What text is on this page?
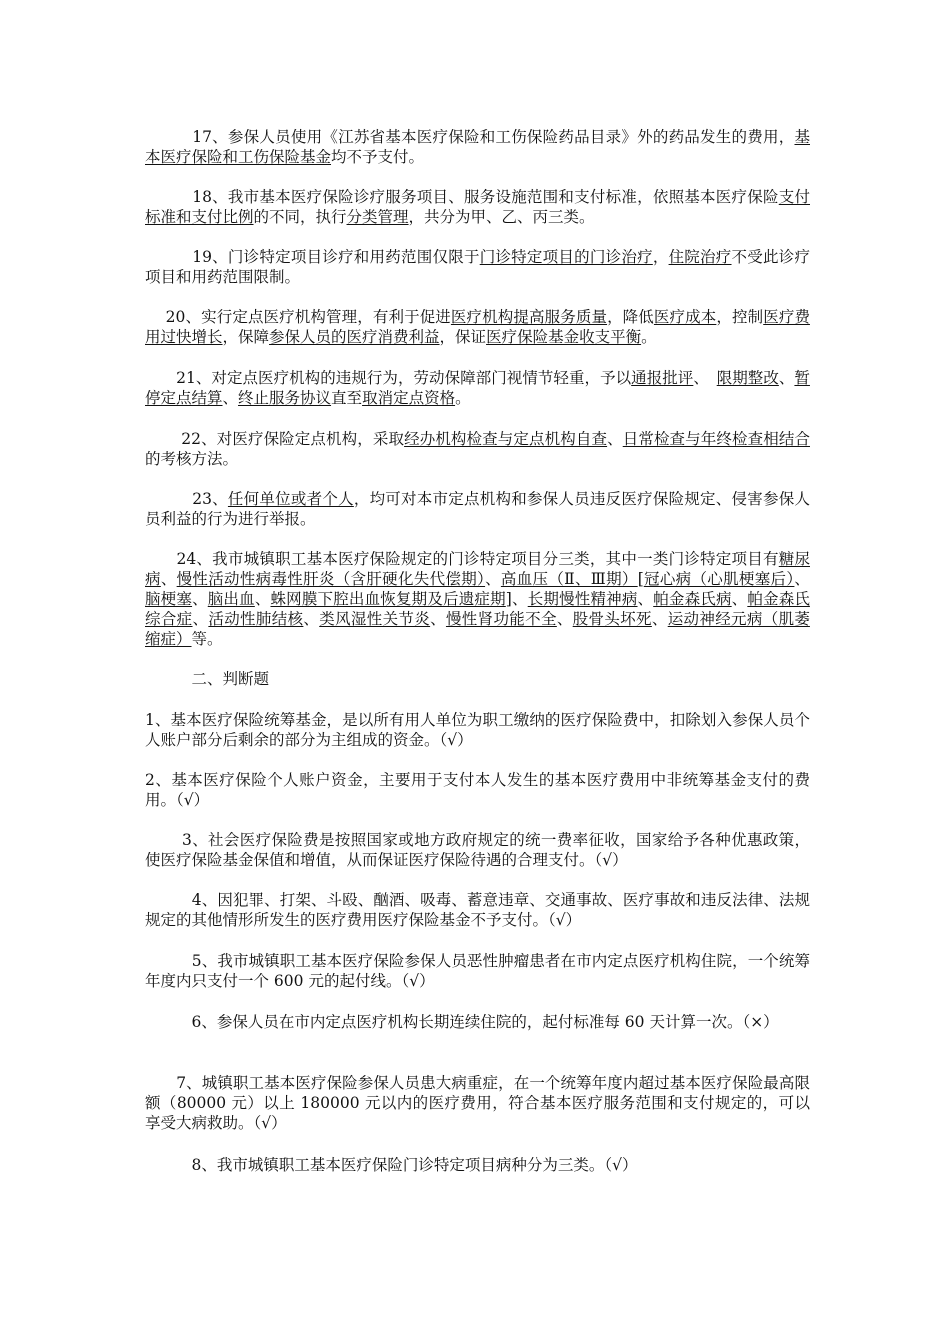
　　　17、参保人员使用《江苏省基本医疗保险和工伤保险药品目录》外的药品发生的费用，基本医疗保险和工伤保险基金均不予支付。

　　　18、我市基本医疗保险诊疗服务项目、服务设施范围和支付标准，依照基本医疗保险支付标准和支付比例的不同，执行分类管理，共分为甲、乙、丙三类。

　　　19、门诊特定项目诊疗和用药范围仅限于门诊特定项目的门诊治疗，住院治疗不受此诊疗项目和用药范围限制。

　 20、实行定点医疗机构管理，有利于促进医疗机构提高服务质量，降低医疗成本，控制医疗费用过快增长，保障参保人员的医疗消费利益，保证医疗保险基金收支平衡。

　　21、对定点医疗机构的违规行为，劳动保障部门视情节轻重，予以通报批评、　限期整改、暂停定点结算、终止服务协议直至取消定点资格。

　　 22、对医疗保险定点机构，采取经办机构检查与定点机构自查、日常检查与年终检查相结合的考核方法。

　　　23、任何单位或者个人，均可对本市定点机构和参保人员违反医疗保险规定、侵害参保人员利益的行为进行举报。

　　24、我市城镇职工基本医疗保险规定的门诊特定项目分三类，其中一类门诊特定项目有糖尿病、慢性活动性病毒性肝炎（含肝硬化失代偿期）、高血压（Ⅱ、Ⅲ期）[冠心病（心肌梗塞后）、脑梗塞、脑出血、蛛网膜下腔出血恢复期及后遗症期]、长期慢性精神病、帕金森氏病、帕金森氏综合症、活动性肺结核、类风湿性关节炎、慢性肾功能不全、股骨头坏死、运动神经元病（肌萎缩症）等。

　　　二、判断题

1、基本医疗保险统筹基金，是以所有用人单位为职工缴纳的医疗保险费中，扣除划入参保人员个人账户部分后剩余的部分为主组成的资金。（√）

2、基本医疗保险个人账户资金，主要用于支付本人发生的基本医疗费用中非统筹基金支付的费用。（√）

　　 3、社会医疗保险费是按照国家或地方政府规定的统一费率征收，国家给予各种优惠政策，使医疗保险基金保值和增值，从而保证医疗保险待遇的合理支付。（√）

　　　4、因犯罪、打架、斗殴、酗酒、吸毒、蓄意违章、交通事故、医疗事故和违反法律、法规规定的其他情形所发生的医疗费用医疗保险基金不予支付。（√）

　　　5、我市城镇职工基本医疗保险参保人员恶性肿瘤患者在市内定点医疗机构住院，一个统筹年度内只支付一个 600 元的起付线。（√）

　　　6、参保人员在市内定点医疗机构长期连续住院的，起付标准每 60 天计算一次。（×）

　　7、城镇职工基本医疗保险参保人员患大病重症，在一个统筹年度内超过基本医疗保险最高限额（80000 元）以上 180000 元以内的医疗费用，符合基本医疗服务范围和支付规定的，可以享受大病救助。（√）

　　　8、我市城镇职工基本医疗保险门诊特定项目病种分为三类。（√）
